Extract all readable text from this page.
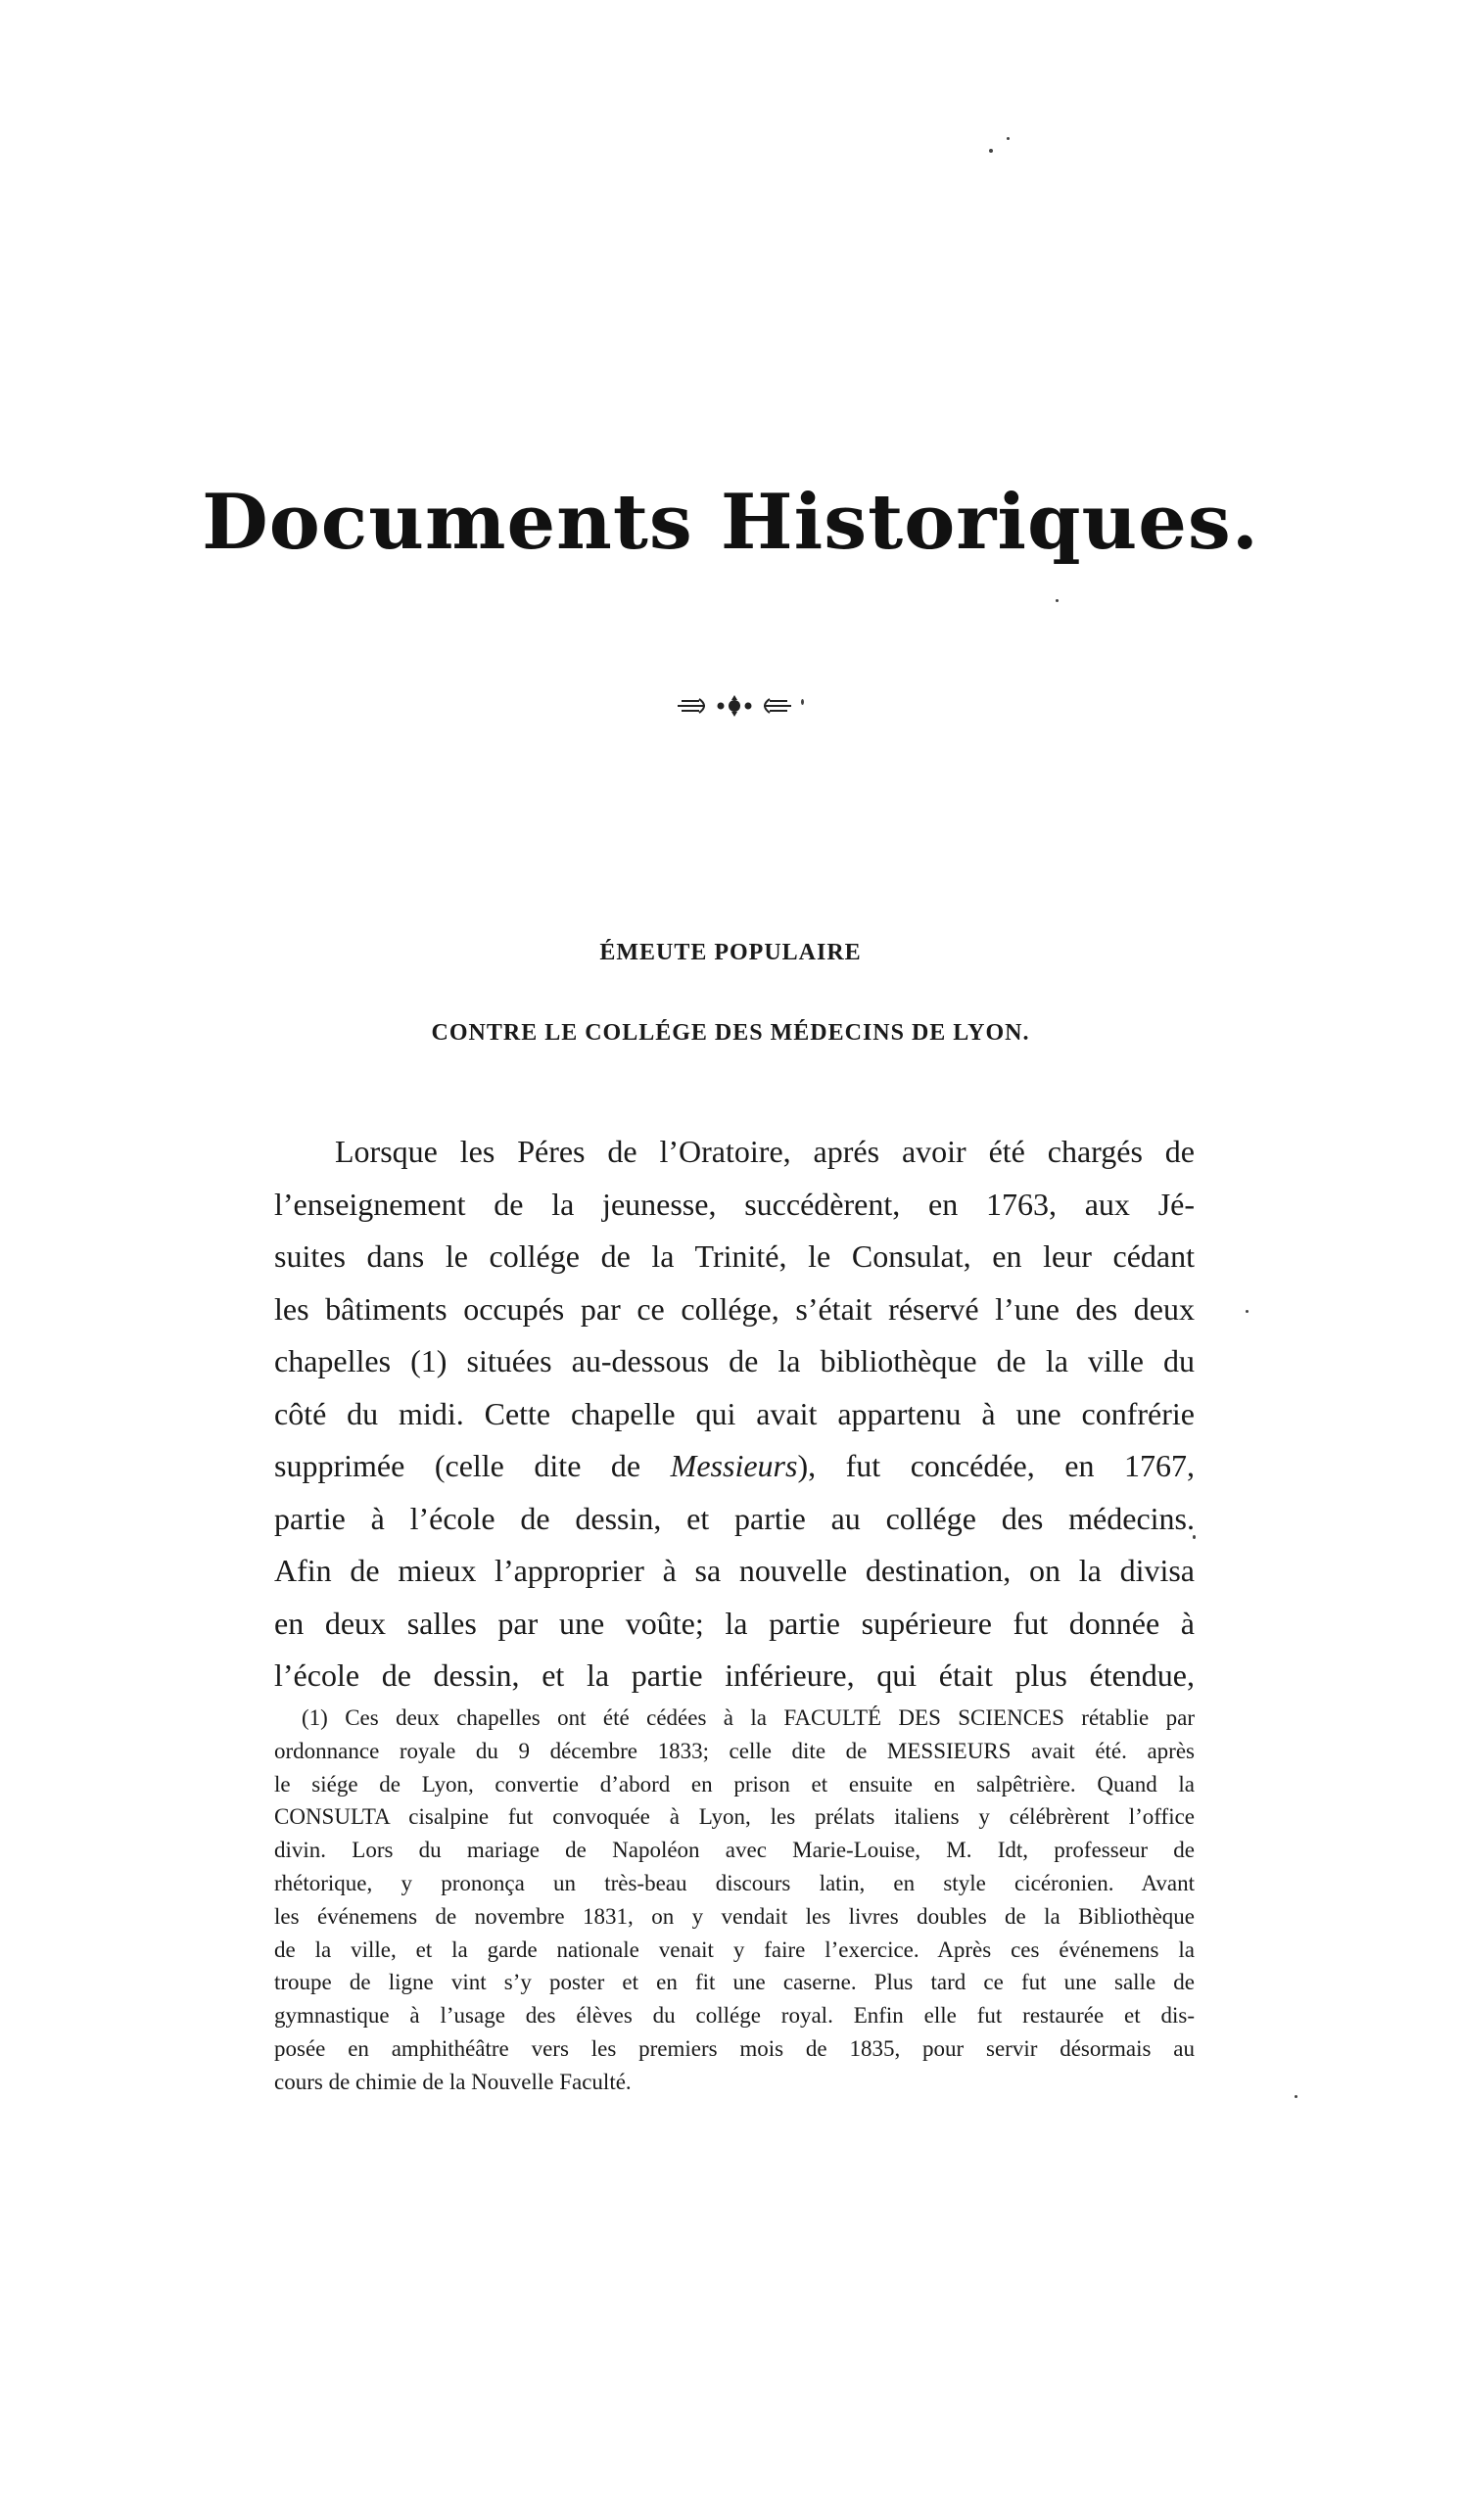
Documents Historiques.
ÉMEUTE POPULAIRE
CONTRE LE COLLÉGE DES MÉDECINS DE LYON.
Lorsque les Péres de l’Oratoire, aprés avoir été chargés de
l’enseignement de la jeunesse, succédèrent, en 1763, aux Jé-
suites dans le collége de la Trinité, le Consulat, en leur cédant
les bâtiments occupés par ce collége, s’était réservé l’une des deux
chapelles (1) situées au-dessous de la bibliothèque de la ville du
côté du midi. Cette chapelle qui avait appartenu à une confrérie
supprimée (celle dite de Messieurs), fut concédée, en 1767,
partie à l’école de dessin, et partie au collége des médecins.
Afin de mieux l’approprier à sa nouvelle destination, on la divisa
en deux salles par une voûte; la partie supérieure fut donnée à
l’école de dessin, et la partie inférieure, qui était plus étendue,
(1) Ces deux chapelles ont été cédées à la FACULTÉ DES SCIENCES rétablie par
ordonnance royale du 9 décembre 1833; celle dite de MESSIEURS avait été. après
le siége de Lyon, convertie d’abord en prison et ensuite en salpêtrière. Quand la
CONSULTA cisalpine fut convoquée à Lyon, les prélats italiens y célébrèrent l’office
divin. Lors du mariage de Napoléon avec Marie-Louise, M. Idt, professeur de
rhétorique, y prononça un très-beau discours latin, en style cicéronien. Avant
les événemens de novembre 1831, on y vendait les livres doubles de la Bibliothèque
de la ville, et la garde nationale venait y faire l’exercice. Après ces événemens la
troupe de ligne vint s’y poster et en fit une caserne. Plus tard ce fut une salle de
gymnastique à l’usage des élèves du collége royal. Enfin elle fut restaurée et dis-
posée en amphithéâtre vers les premiers mois de 1835, pour servir désormais au
cours de chimie de la Nouvelle Faculté.
